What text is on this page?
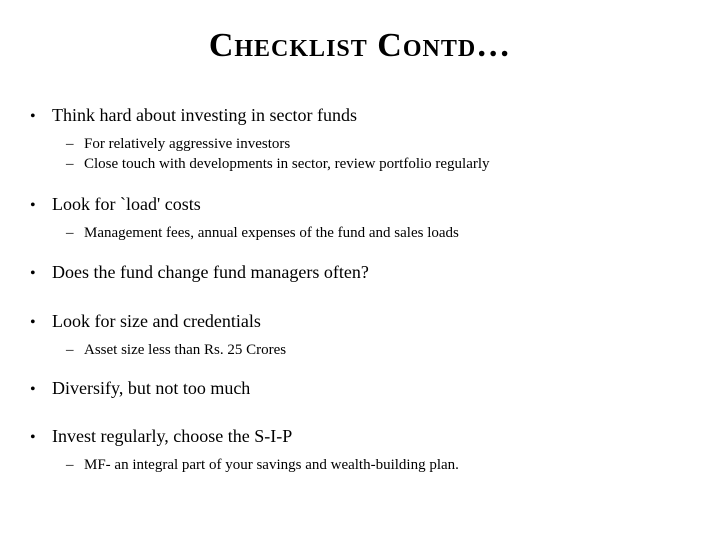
Checklist Contd…
• Think hard about investing in sector funds
– For relatively aggressive investors
– Close touch with developments in sector, review portfolio regularly
• Look for `load' costs
– Management fees, annual expenses of the fund and sales loads
• Does the fund change fund managers often?
• Look for size and credentials
– Asset size less than Rs. 25 Crores
• Diversify, but not too much
• Invest regularly, choose the S-I-P
– MF- an integral part of your savings and wealth-building plan.
